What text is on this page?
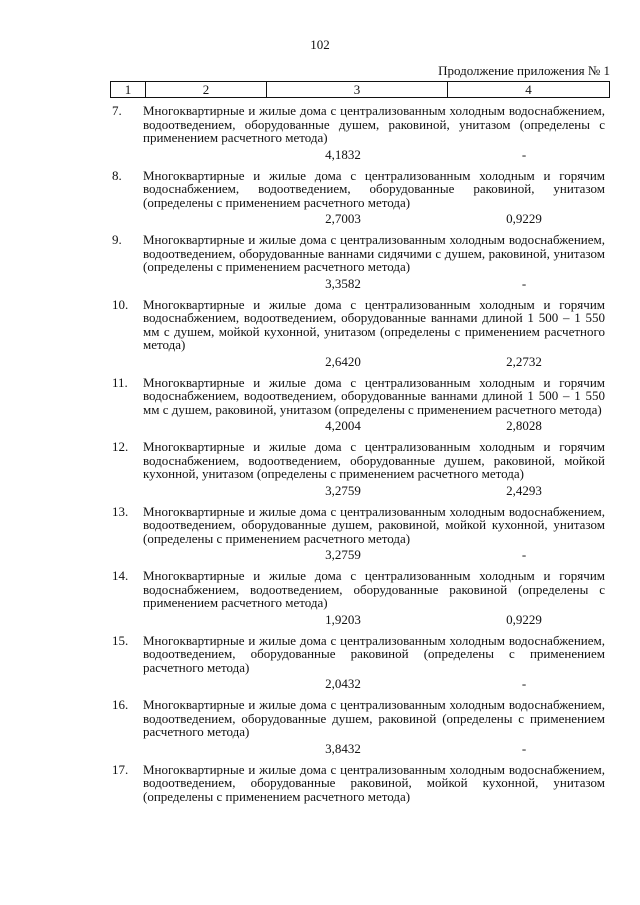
102
Продолжение приложения № 1
1	2	3	4
7. Многоквартирные и жилые дома с централизованным холодным водоснабжением, водоотведением, оборудованные душем, раковиной, унитазом (определены с применением расчетного метода)
4,1832	-
8. Многоквартирные и жилые дома с централизованным холодным и горячим водоснабжением, водоотведением, оборудованные раковиной, унитазом (определены с применением расчетного метода)
2,7003	0,9229
9. Многоквартирные и жилые дома с централизованным холодным водоснабжением, водоотведением, оборудованные ваннами сидячими с душем, раковиной, унитазом (определены с применением расчетного метода)
3,3582	-
10. Многоквартирные и жилые дома с централизованным холодным и горячим водоснабжением, водоотведением, оборудованные ваннами длиной 1 500 – 1 550 мм с душем, мойкой кухонной, унитазом (определены с применением расчетного метода)
2,6420	2,2732
11. Многоквартирные и жилые дома с централизованным холодным и горячим водоснабжением, водоотведением, оборудованные ваннами длиной 1 500 – 1 550 мм с душем, раковиной, унитазом (определены с применением расчетного метода)
4,2004	2,8028
12. Многоквартирные и жилые дома с централизованным холодным и горячим водоснабжением, водоотведением, оборудованные душем, раковиной, мойкой кухонной, унитазом (определены с применением расчетного метода)
3,2759	2,4293
13. Многоквартирные и жилые дома с централизованным холодным водоснабжением, водоотведением, оборудованные душем, раковиной, мойкой кухонной, унитазом (определены с применением расчетного метода)
3,2759	-
14. Многоквартирные и жилые дома с централизованным холодным и горячим водоснабжением, водоотведением, оборудованные раковиной (определены с применением расчетного метода)
1,9203	0,9229
15. Многоквартирные и жилые дома с централизованным холодным водоснабжением, водоотведением, оборудованные раковиной (определены с применением расчетного метода)
2,0432	-
16. Многоквартирные и жилые дома с централизованным холодным водоснабжением, водоотведением, оборудованные душем, раковиной (определены с применением расчетного метода)
3,8432	-
17. Многоквартирные и жилые дома с централизованным холодным водоснабжением, водоотведением, оборудованные раковиной, мойкой кухонной, унитазом (определены с применением расчетного метода)
